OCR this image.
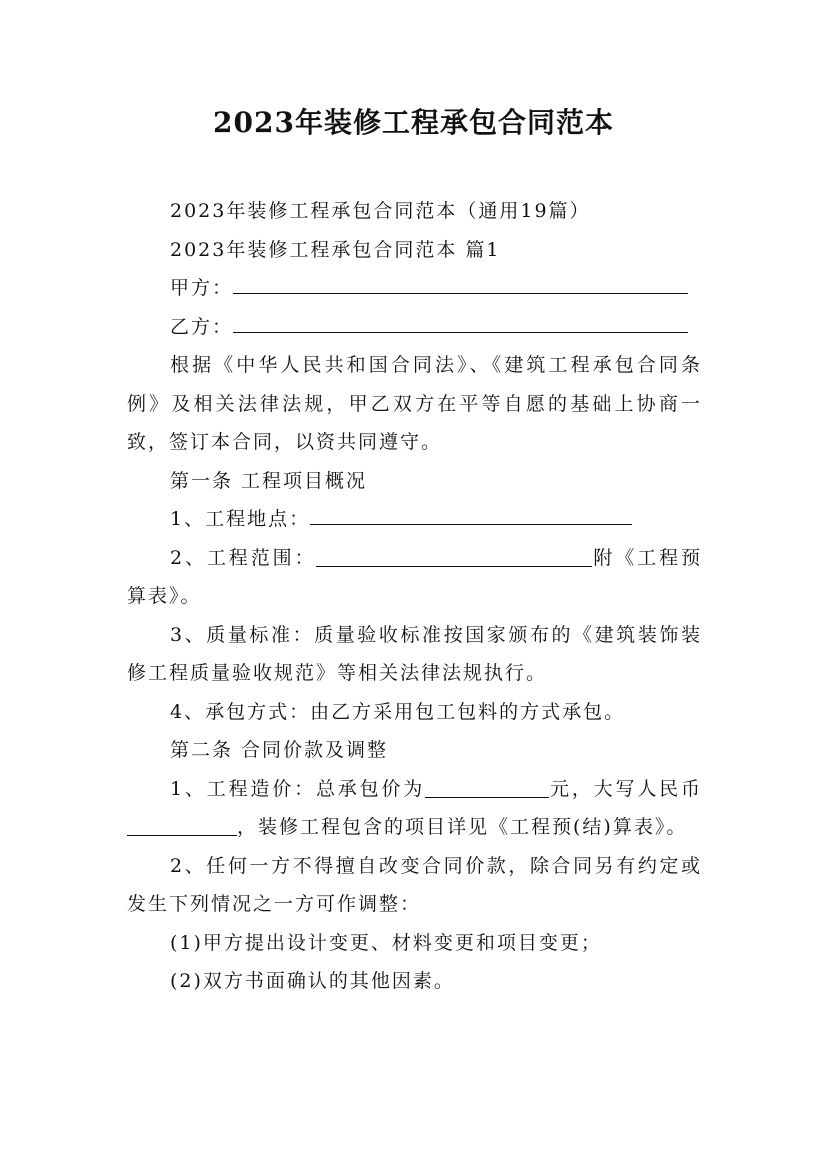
2023年装修工程承包合同范本

2023年装修工程承包合同范本（通用19篇）

2023年装修工程承包合同范本 篇1

甲方：
乙方：

根据《中华人民共和国合同法》、《建筑工程承包合同条例》及相关法律法规，甲乙双方在平等自愿的基础上协商一致，签订本合同，以资共同遵守。

第一条 工程项目概况

1、工程地点：

2、工程范围：	附《工程预算表》。

3、质量标准：质量验收标准按国家颁布的《建筑装饰装修工程质量验收规范》等相关法律法规执行。

4、承包方式：由乙方采用包工包料的方式承包。

第二条 合同价款及调整

1、工程造价：总承包价为	元，大写人民币，装修工程包含的项目详见《工程预(结)算表》。

2、任何一方不得擅自改变合同价款，除合同另有约定或发生下列情况之一方可作调整：

(1)甲方提出设计变更、材料变更和项目变更；

(2)双方书面确认的其他因素。
